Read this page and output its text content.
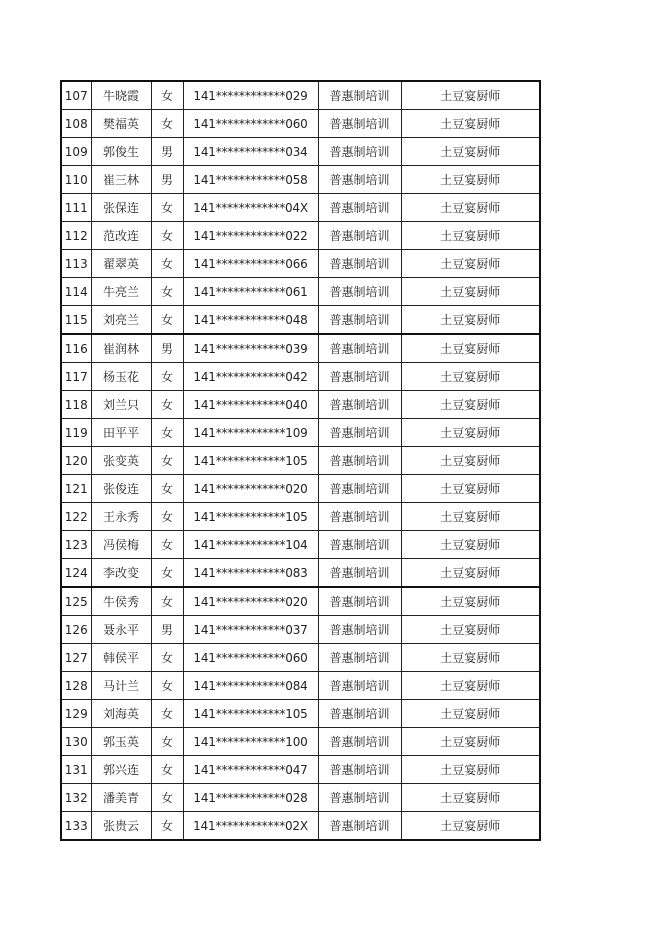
107	牛晓霞	女	141************029	普惠制培训	土豆宴厨师
108	樊福英	女	141************060	普惠制培训	土豆宴厨师
109	郭俊生	男	141************034	普惠制培训	土豆宴厨师
110	崔三林	男	141************058	普惠制培训	土豆宴厨师
111	张保连	女	141************04X	普惠制培训	土豆宴厨师
112	范改连	女	141************022	普惠制培训	土豆宴厨师
113	翟翠英	女	141************066	普惠制培训	土豆宴厨师
114	牛亮兰	女	141************061	普惠制培训	土豆宴厨师
115	刘亮兰	女	141************048	普惠制培训	土豆宴厨师
116	崔润林	男	141************039	普惠制培训	土豆宴厨师
117	杨玉花	女	141************042	普惠制培训	土豆宴厨师
118	刘兰只	女	141************040	普惠制培训	土豆宴厨师
119	田平平	女	141************109	普惠制培训	土豆宴厨师
120	张变英	女	141************105	普惠制培训	土豆宴厨师
121	张俊连	女	141************020	普惠制培训	土豆宴厨师
122	王永秀	女	141************105	普惠制培训	土豆宴厨师
123	冯侯梅	女	141************104	普惠制培训	土豆宴厨师
124	李改变	女	141************083	普惠制培训	土豆宴厨师
125	牛侯秀	女	141************020	普惠制培训	土豆宴厨师
126	聂永平	男	141************037	普惠制培训	土豆宴厨师
127	韩侯平	女	141************060	普惠制培训	土豆宴厨师
128	马计兰	女	141************084	普惠制培训	土豆宴厨师
129	刘海英	女	141************105	普惠制培训	土豆宴厨师
130	郭玉英	女	141************100	普惠制培训	土豆宴厨师
131	郭兴连	女	141************047	普惠制培训	土豆宴厨师
132	潘美青	女	141************028	普惠制培训	土豆宴厨师
133	张贵云	女	141************02X	普惠制培训	土豆宴厨师
